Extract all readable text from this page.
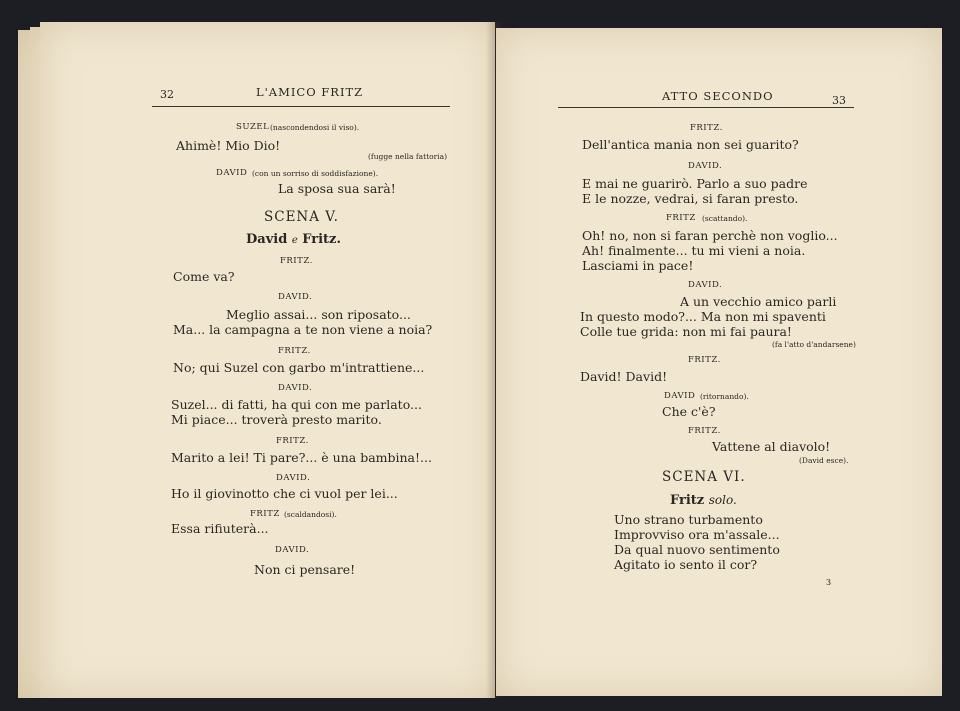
32	L'AMICO FRITZ
SUZEL (nascondendosi il viso).
Ahimè! Mio Dio!
(fugge nella fattoria)
DAVID (con un sorriso di soddisfazione).
La sposa sua sarà!
SCENA V.
David e Fritz.
FRITZ.
Come va?
DAVID.
Meglio assai... son riposato...
Ma... la campagna a te non viene a noia?
FRITZ.
No; qui Suzel con garbo m'intrattiene...
DAVID.
Suzel... di fatti, ha qui con me parlato...
Mi piace... troverà presto marito.
FRITZ.
Marito a lei! Ti pare?... è una bambina!...
DAVID.
Ho il giovinotto che ci vuol per lei...
FRITZ (scaldandosi).
Essa rifiuterà...
DAVID.
Non ci pensare!
ATTO SECONDO	33
FRITZ.
Dell'antica mania non sei guarito?
DAVID.
E mai ne guarirò. Parlo a suo padre
E le nozze, vedrai, si faran presto.
FRITZ (scattando).
Oh! no, non si faran perchè non voglio...
Ah! finalmente... tu mi vieni a noia.
Lasciami in pace!
DAVID.
A un vecchio amico parli
In questo modo?... Ma non mi spaventi
Colle tue grida: non mi fai paura!
(fa l'atto d'andarsene)
FRITZ.
David! David!
DAVID (ritornando).
Che c'è?
FRITZ.
Vattene al diavolo!
(David esce).
SCENA VI.
Fritz solo.
Uno strano turbamento
Improvviso ora m'assale...
Da qual nuovo sentimento
Agitato io sento il cor?
3
